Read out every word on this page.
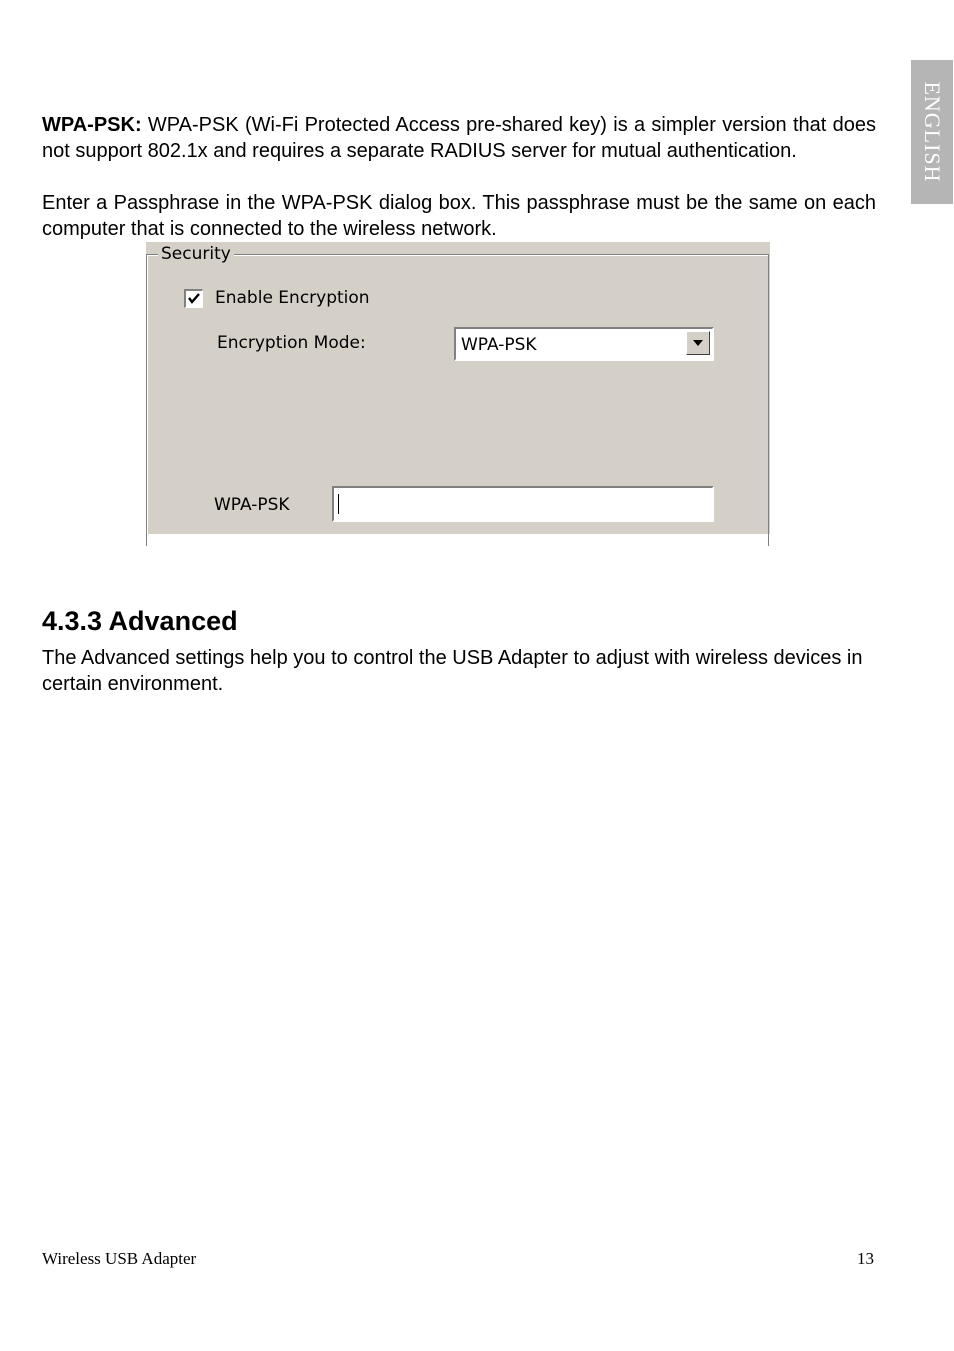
ENGLISH

WPA-PSK: WPA-PSK (Wi-Fi Protected Access pre-shared key) is a simpler version that does not support 802.1x and requires a separate RADIUS server for mutual authentication.

Enter a Passphrase in the WPA-PSK dialog box. This passphrase must be the same on each computer that is connected to the wireless network.

Security
Enable Encryption
Encryption Mode:	WPA-PSK
WPA-PSK
4.3.3 Advanced

The Advanced settings help you to control the USB Adapter to adjust with wireless devices in certain environment.

Wireless USB Adapter	13
